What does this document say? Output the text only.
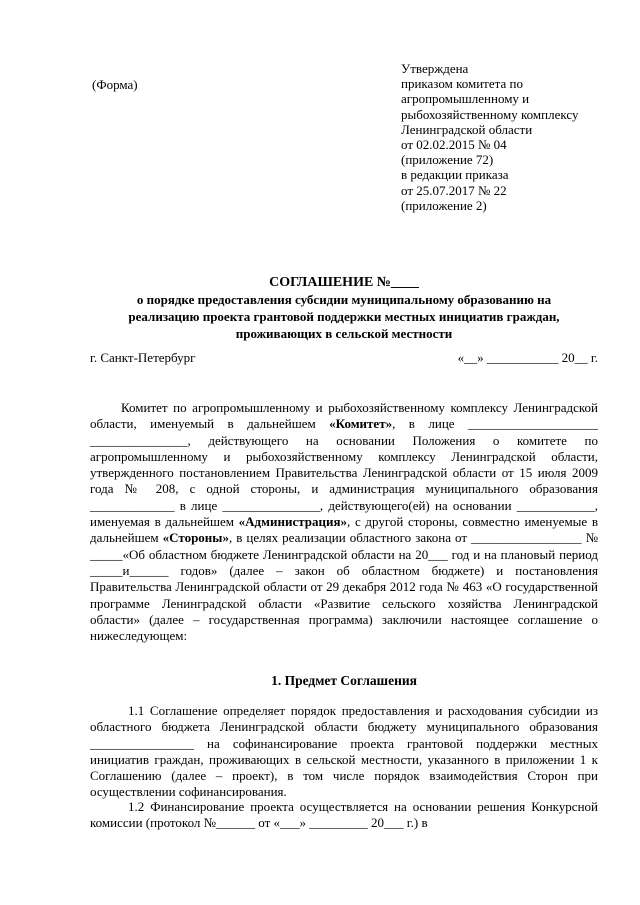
(Форма)
Утверждена
приказом комитета по
агропромышленному и
рыбохозяйственному комплексу
Ленинградской области
от 02.02.2015 № 04
(приложение 72)
в редакции приказа
от 25.07.2017 № 22
(приложение 2)
СОГЛАШЕНИЕ №____
о порядке предоставления субсидии муниципальному образованию на
реализацию проекта грантовой поддержки местных инициатив граждан,
проживающих в сельской местности
г. Санкт-Петербург	«__» ___________ 20__ г.
Комитет по агропромышленному и рыбохозяйственному комплексу Ленинградской области, именуемый в дальнейшем «Комитет», в лице ____________________ _______________, действующего на основании Положения о комитете по агропромышленному и рыбохозяйственному комплексу Ленинградской области, утвержденного постановлением Правительства Ленинградской области от 15 июля 2009 года № 208, с одной стороны, и администрация муниципального образования _____________ в лице _______________, действующего(ей) на основании ____________, именуемая в дальнейшем «Администрация», с другой стороны, совместно именуемые в дальнейшем «Стороны», в целях реализации областного закона от _________________ № _____«Об областном бюджете Ленинградской области на 20___ год и на плановый период _____и______ годов» (далее – закон об областном бюджете) и постановления Правительства Ленинградской области от 29 декабря 2012 года № 463 «О государственной программе Ленинградской области «Развитие сельского хозяйства Ленинградской области» (далее – государственная программа) заключили настоящее соглашение о нижеследующем:
1. Предмет Соглашения
1.1 Соглашение определяет порядок предоставления и расходования субсидии из областного бюджета Ленинградской области бюджету муниципального образования ________________ на софинансирование проекта грантовой поддержки местных инициатив граждан, проживающих в сельской местности, указанного в приложении 1 к Соглашению (далее – проект), в том числе порядок взаимодействия Сторон при осуществлении софинансирования.
1.2 Финансирование проекта осуществляется на основании решения Конкурсной комиссии (протокол №______ от «___» _________ 20___ г.) в
